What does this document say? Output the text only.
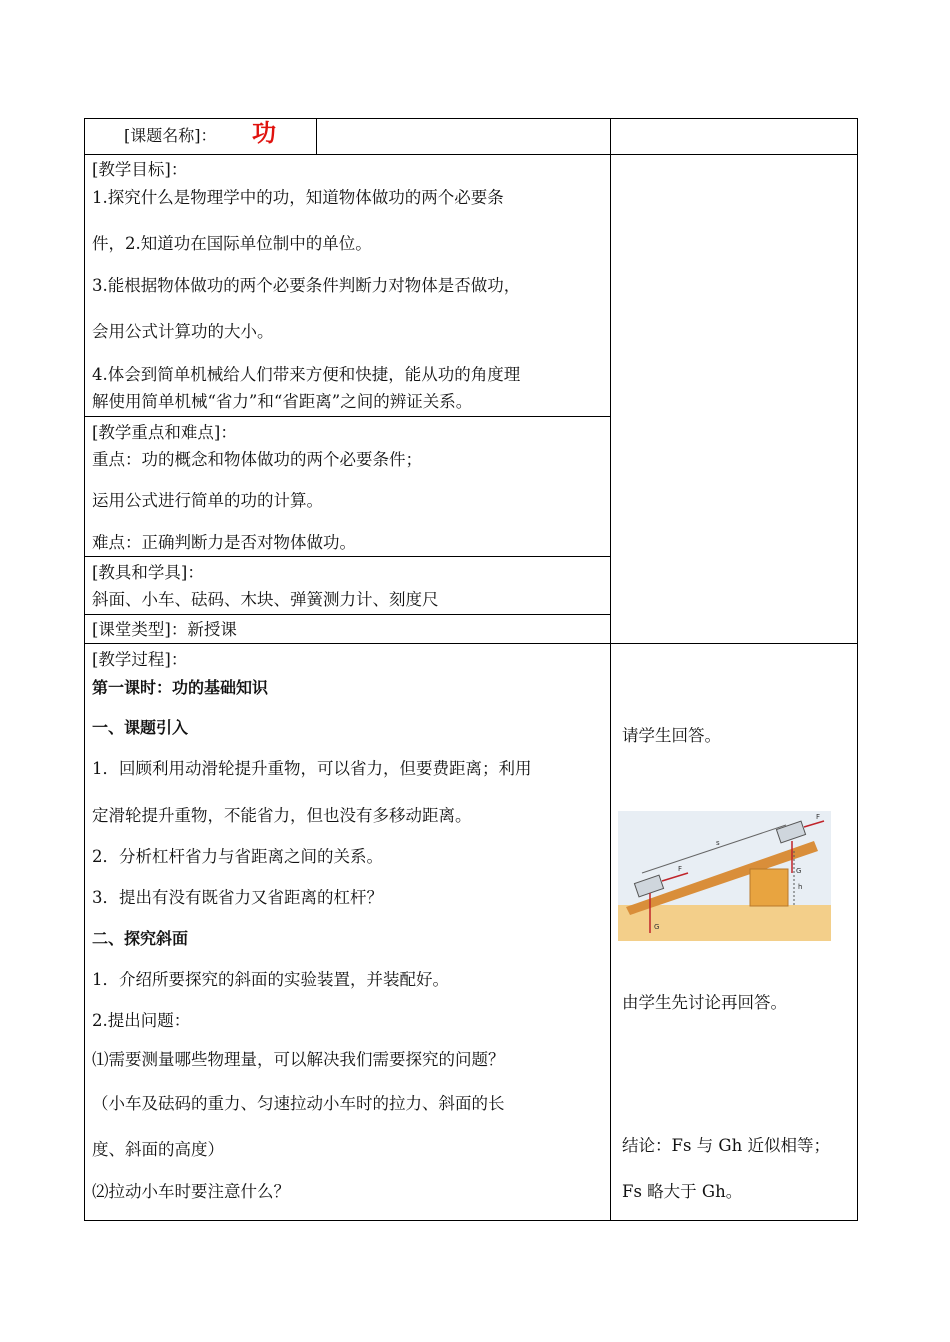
[课题名称]： 功
[教学目标]：
1.探究什么是物理学中的功，知道物体做功的两个必要条
件，2.知道功在国际单位制中的单位。
3.能根据物体做功的两个必要条件判断力对物体是否做功，
会用公式计算功的大小。
4.体会到简单机械给人们带来方便和快捷，能从功的角度理
解使用简单机械“省力”和“省距离”之间的辨证关系。
[教学重点和难点]：
重点：功的概念和物体做功的两个必要条件；
运用公式进行简单的功的计算。
难点：正确判断力是否对物体做功。
[教具和学具]：
斜面、小车、砝码、木块、弹簧测力计、刻度尺
[课堂类型]：新授课
[教学过程]：
第一课时：功的基础知识
一、课题引入
1．回顾利用动滑轮提升重物，可以省力，但要费距离；利用
定滑轮提升重物，不能省力，但也没有多移动距离。
2．分析杠杆省力与省距离之间的关系。
3．提出有没有既省力又省距离的杠杆？
二、探究斜面
1．介绍所要探究的斜面的实验装置，并装配好。
2.提出问题：
⑴需要测量哪些物理量，可以解决我们需要探究的问题？
（小车及砝码的重力、匀速拉动小车时的拉力、斜面的长
度、斜面的高度）
⑵拉动小车时要注意什么？
请学生回答。
由学生先讨论再回答。
结论：Fs 与 Gh 近似相等；
Fs 略大于 Gh。
F
s
F
G
h
G
